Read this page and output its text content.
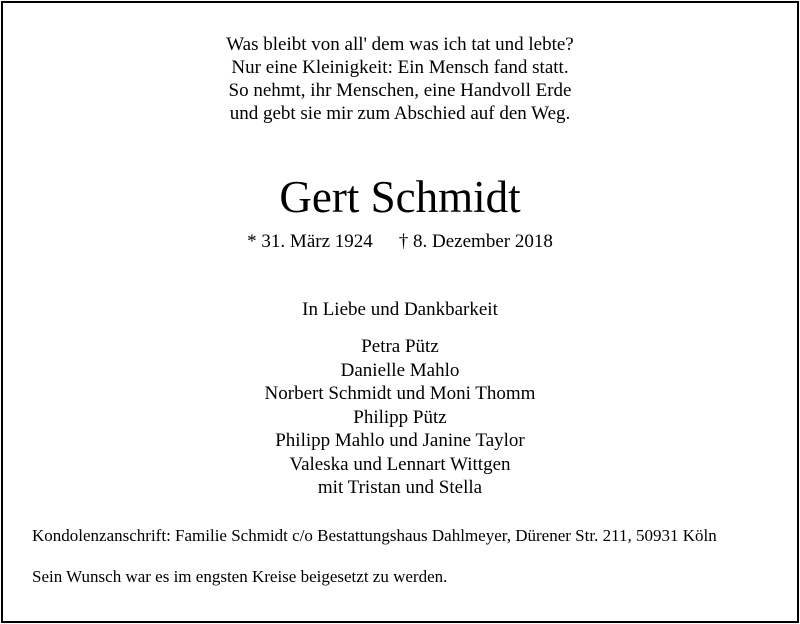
Was bleibt von all' dem was ich tat und lebte?
Nur eine Kleinigkeit: Ein Mensch fand statt.
So nehmt, ihr Menschen, eine Handvoll Erde
und gebt sie mir zum Abschied auf den Weg.
Gert Schmidt
* 31. März 1924 † 8. Dezember 2018
In Liebe und Dankbarkeit
Petra Pütz
Danielle Mahlo
Norbert Schmidt und Moni Thomm
Philipp Pütz
Philipp Mahlo und Janine Taylor
Valeska und Lennart Wittgen
mit Tristan und Stella
Kondolenzanschrift: Familie Schmidt c/o Bestattungshaus Dahlmeyer, Dürener Str. 211, 50931 Köln
Sein Wunsch war es im engsten Kreise beigesetzt zu werden.
